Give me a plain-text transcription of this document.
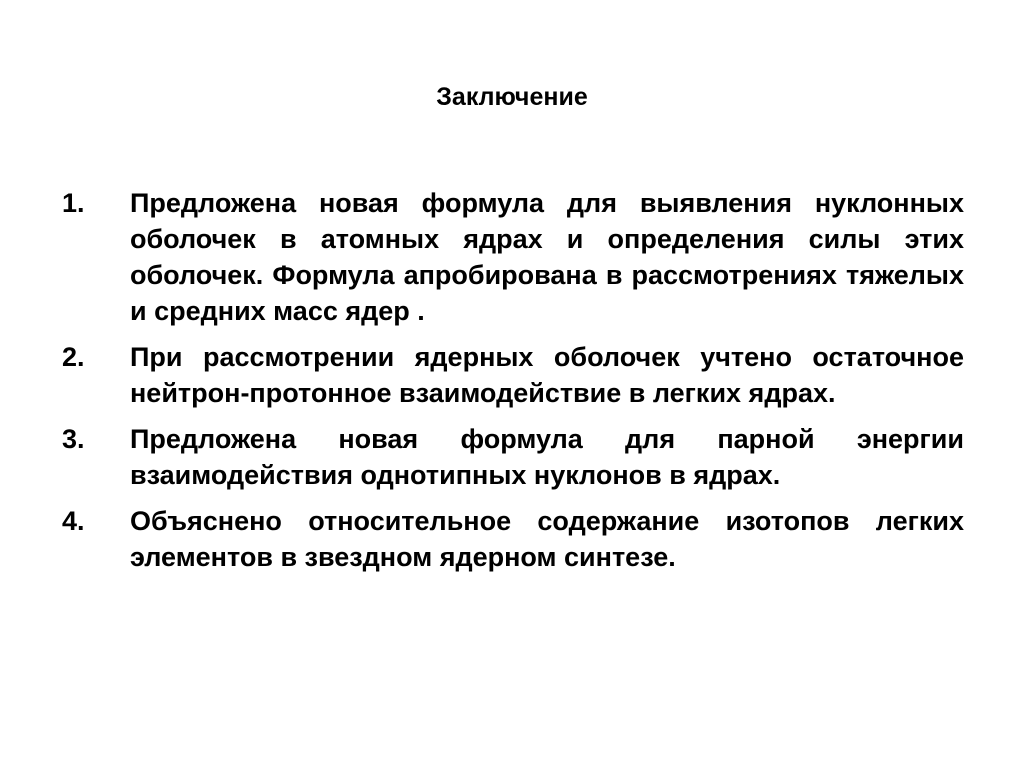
Заключение
1.	Предложена новая формула для выявления нуклонных оболочек в атомных ядрах и определения силы этих оболочек. Формула апробирована в рассмотрениях тяжелых и средних масс ядер .
2.	При рассмотрении ядерных оболочек учтено остаточное нейтрон-протонное взаимодействие в легких ядрах.
3.	Предложена новая формула для парной энергии взаимодействия однотипных нуклонов в ядрах.
4.	Объяснено относительное содержание изотопов легких элементов в звездном ядерном синтезе.
